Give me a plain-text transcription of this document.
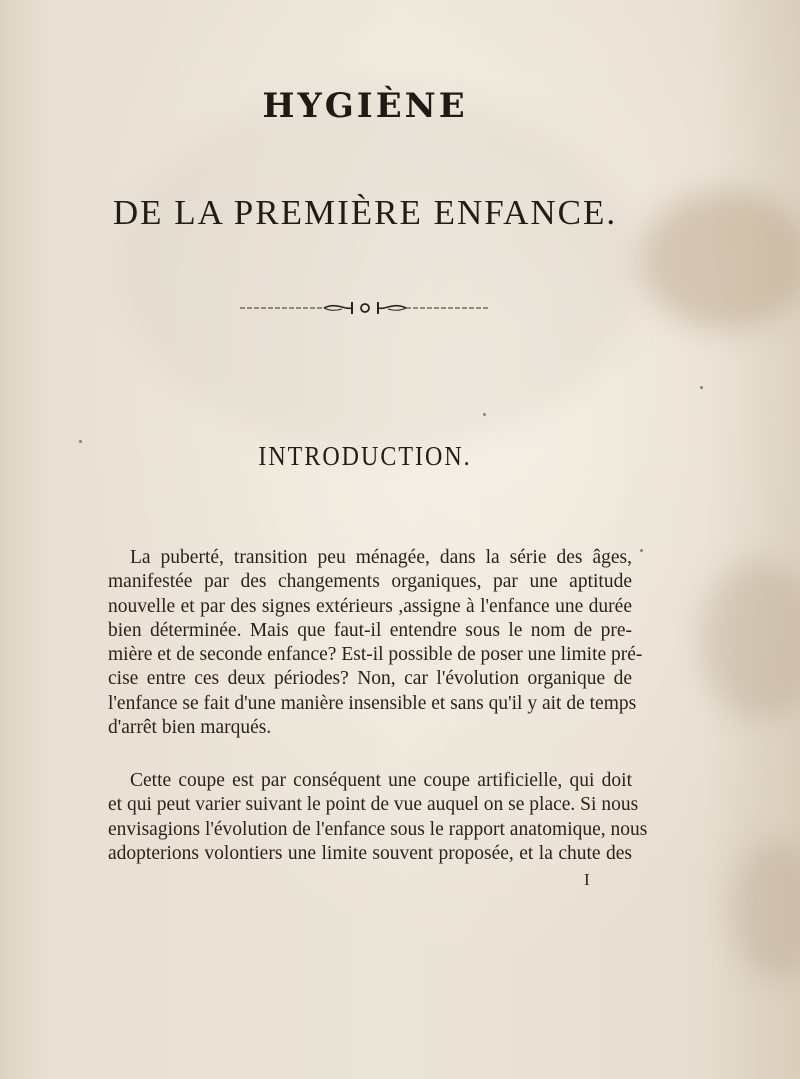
HYGIÈNE
DE LA PREMIÈRE ENFANCE.
INTRODUCTION.
La puberté, transition peu ménagée, dans la série des âges,
manifestée par des changements organiques, par une aptitude
nouvelle et par des signes extérieurs ,assigne à l'enfance une durée
bien déterminée. Mais que faut-il entendre sous le nom de pre-
mière et de seconde enfance? Est-il possible de poser une limite pré-
cise entre ces deux périodes? Non, car l'évolution organique de
l'enfance se fait d'une manière insensible et sans qu'il y ait de temps
d'arrêt bien marqués.
Cette coupe est par conséquent une coupe artificielle, qui doit
et qui peut varier suivant le point de vue auquel on se place. Si nous
envisagions l'évolution de l'enfance sous le rapport anatomique, nous
adopterions volontiers une limite souvent proposée, et la chute des
I
